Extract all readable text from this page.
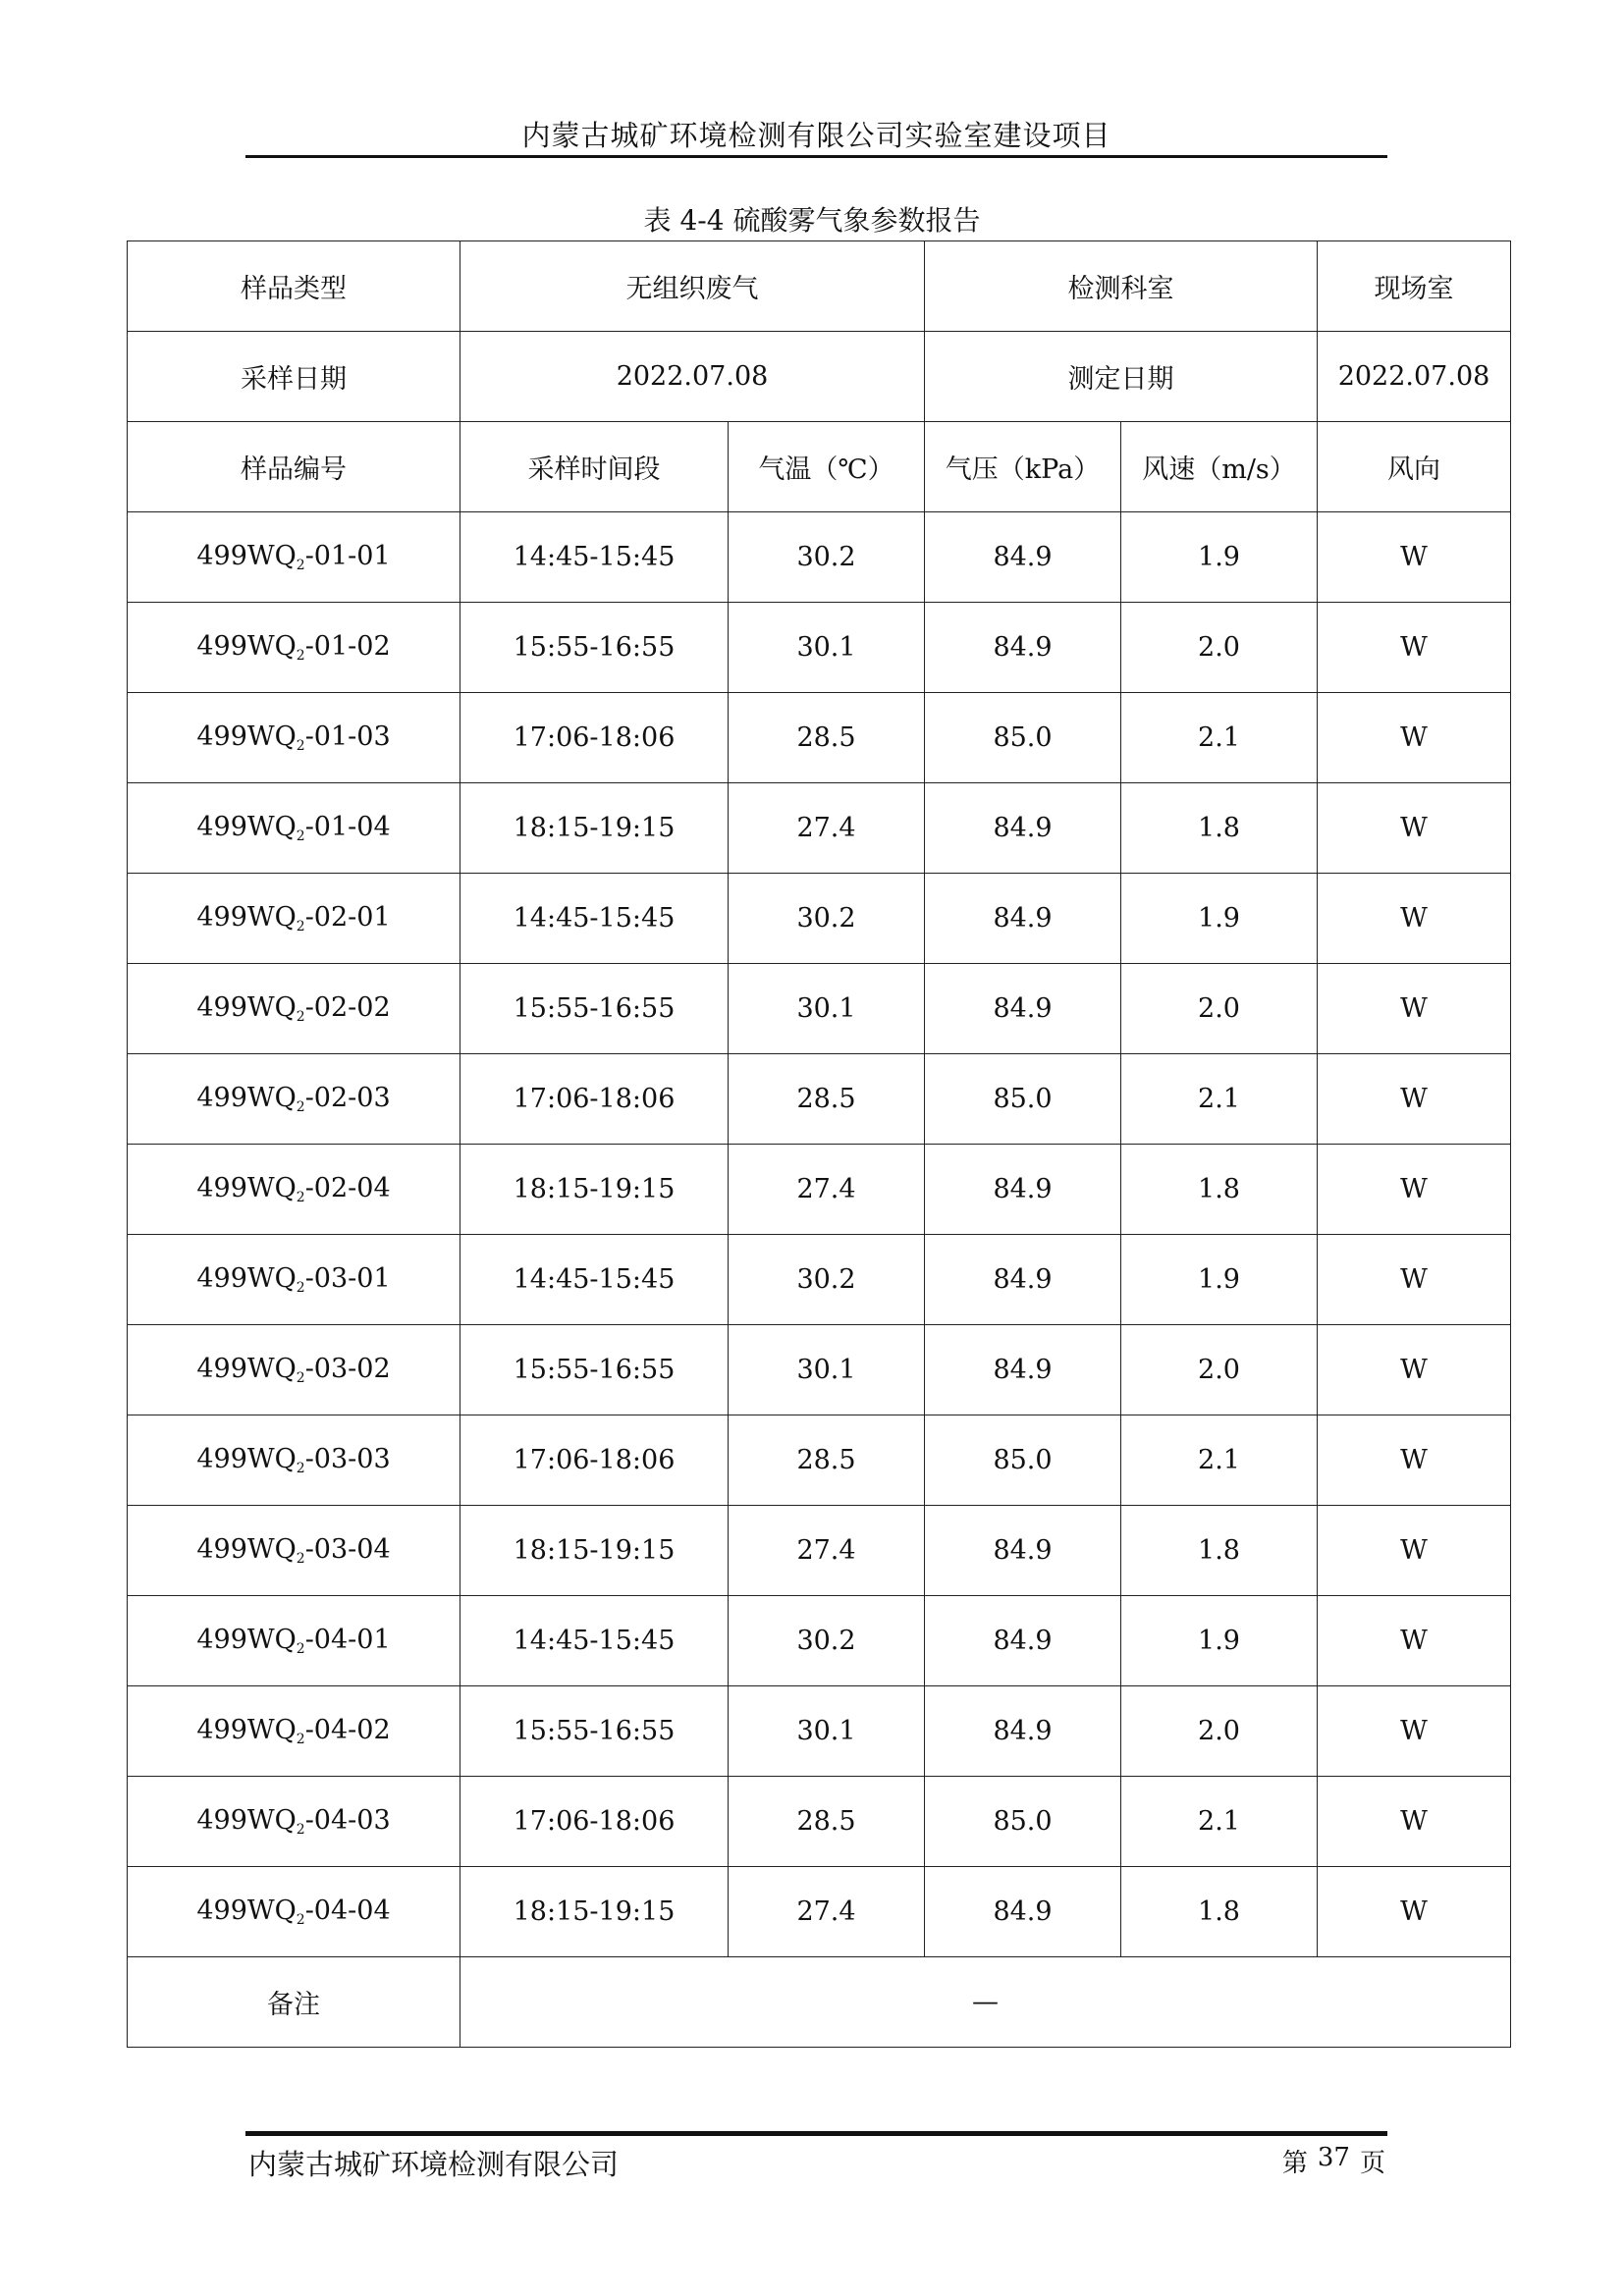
内蒙古城矿环境检测有限公司实验室建设项目
表 4-4 硫酸雾气象参数报告
样品类型	无组织废气		检测科室		现场室
采样日期	2022.07.08		测定日期		2022.07.08
样品编号	采样时间段	气温（℃）	气压（kPa）	风速（m/s）	风向
$499WQ_2-01-01$	14:45-15:45	30.2	84.9	1.9	W
$499WQ_2-01-02$	15:55-16:55	30.1	84.9	2.0	W
$499WQ_2-01-03$	17:06-18:06	28.5	85.0	2.1	W
$499WQ_2-01-04$	18:15-19:15	27.4	84.9	1.8	W
$499WQ_2-02-01$	14:45-15:45	30.2	84.9	1.9	W
$499WQ_2-02-02$	15:55-16:55	30.1	84.9	2.0	W
$499WQ_2-02-03$	17:06-18:06	28.5	85.0	2.1	W
$499WQ_2-02-04$	18:15-19:15	27.4	84.9	1.8	W
$499WQ_2-03-01$	14:45-15:45	30.2	84.9	1.9	W
$499WQ_2-03-02$	15:55-16:55	30.1	84.9	2.0	W
$499WQ_2-03-03$	17:06-18:06	28.5	85.0	2.1	W
$499WQ_2-03-04$	18:15-19:15	27.4	84.9	1.8	W
$499WQ_2-04-01$	14:45-15:45	30.2	84.9	1.9	W
$499WQ_2-04-02$	15:55-16:55	30.1	84.9	2.0	W
$499WQ_2-04-03$	17:06-18:06	28.5	85.0	2.1	W
$499WQ_2-04-04$	18:15-19:15	27.4	84.9	1.8	W
备注	—				
内蒙古城矿环境检测有限公司	第 37 页
